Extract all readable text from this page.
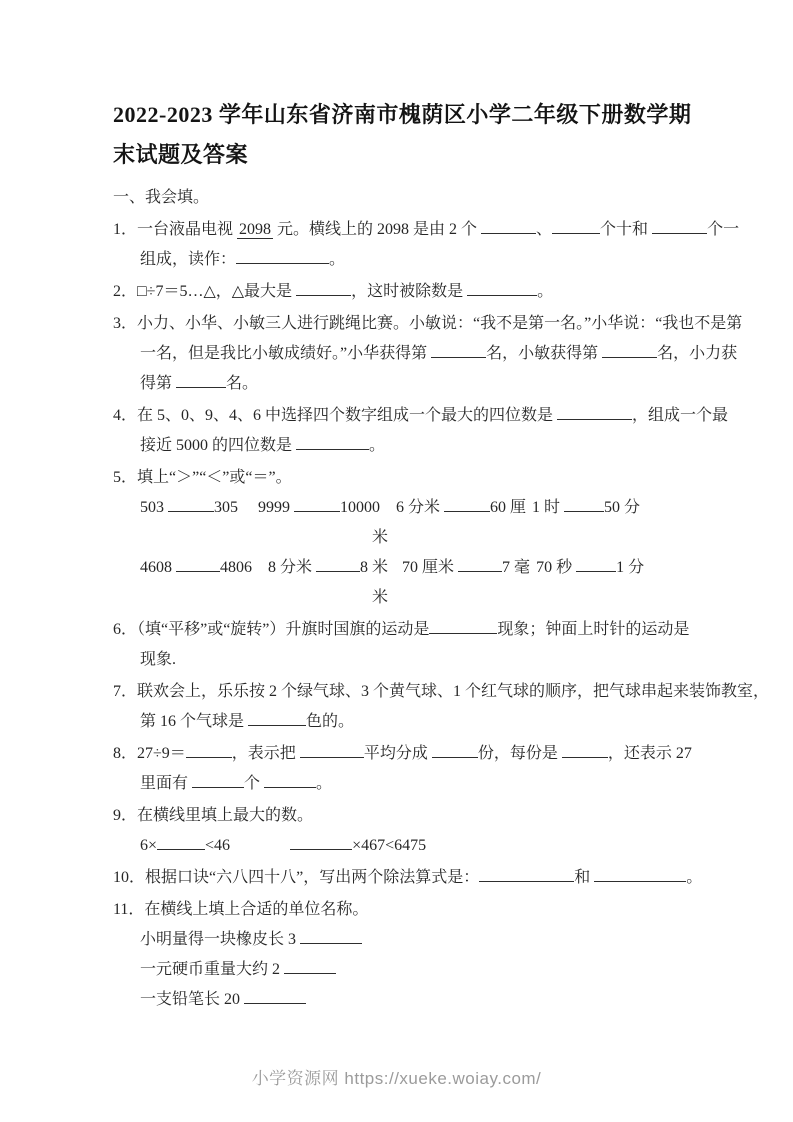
2022-2023 学年山东省济南市槐荫区小学二年级下册数学期
末试题及答案
一、我会填。
1．一台液晶电视 2098 元。横线上的 2098 是由 2 个	、	个十和	个一
组成，读作：	。
2．□÷7＝5…△，△最大是	，这时被除数是	。
3．小力、小华、小敏三人进行跳绳比赛。小敏说：“我不是第一名。”小华说：“我也不是第
一名，但是我比小敏成绩好。”小华获得第	名，小敏获得第	名，小力获
得第	名。
4．在 5、0、9、4、6 中选择四个数字组成一个最大的四位数是	，组成一个最
接近 5000 的四位数是	。
5．填上“＞”“＜”或“＝”。
503	305 9999	10000 6 分米	60 厘 1 时	50 分
米
4608	4806 8 分米	8 米 70 厘米	7 毫 70 秒	1 分
米
6．（填“平移”或“旋转”）升旗时国旗的运动是	现象；钟面上时针的运动是
现象.
7．联欢会上，乐乐按 2 个绿气球、3 个黄气球、1 个红气球的顺序，把气球串起来装饰教室，
第 16 个气球是	色的。
8．27÷9＝	，表示把	平均分成	份，每份是	，还表示 27
里面有	个	。
9．在横线里填上最大的数。
6×	<46	×467<6475
10．根据口诀“六八四十八”，写出两个除法算式是：	和	。
11．在横线上填上合适的单位名称。
小明量得一块橡皮长 3
一元硬币重量大约 2
一支铅笔长 20
小学资源网 https://xueke.woiay.com/
